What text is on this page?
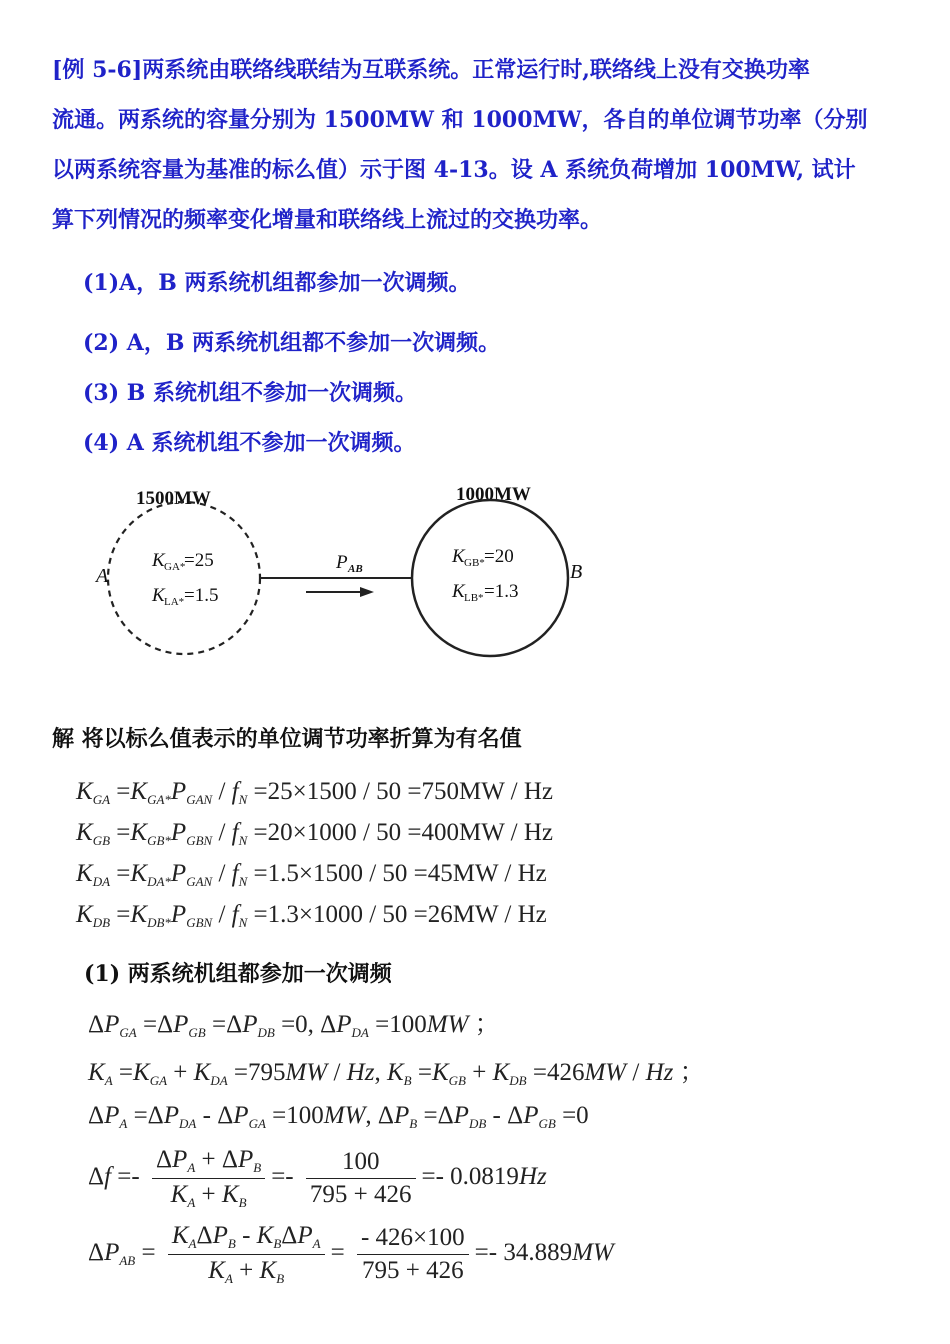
[例 5-6]两系统由联络线联结为互联系统。正常运行时,联络线上没有交换功率
流通。两系统的容量分别为 1500MW 和 1000MW，各自的单位调节功率（分别
以两系统容量为基准的标么值）示于图 4-13。设 A 系统负荷增加 100MW, 试计
算下列情况的频率变化增量和联络线上流过的交换功率。
(1)A，B 两系统机组都参加一次调频。
(2) A，B 两系统机组都不参加一次调频。
(3) B 系统机组不参加一次调频。
(4) A 系统机组不参加一次调频。
1500MW	1000MW
A	B
P AB
K GA*
=25
K LA* =1.5
K GB* =20
K LB* =1.3
解 将以标么值表示的单位调节功率折算为有名值
$K_{GA} =K_{GA*}P_{GAN} / f_N =25\times 1500 / 50 =750MW / Hz$
$K_{GB} =K_{GB*}P_{GBN} / f_N =20\times 1000 / 50 =400MW / Hz$
$K_{DA} =K_{DA*}P_{GAN} / f_N =1.5\times 1500 / 50 =45MW / Hz$
$K_{DB} =K_{DB*}P_{GBN} / f_N =1.3\times 1000 / 50 =26MW / Hz$
(1) 两系统机组都参加一次调频
$\Delta P_{GA} =\Delta P_{GB} =\Delta P_{DB} =0$, $\Delta P_{DA} =100MW$ ；
$K_A =K_{GA} + K_{DA} =795MW / Hz$, $K_B =K_{GB} + K_{DB} =426MW / Hz$ ；
$\Delta P_A =\Delta P_{DA} - \Delta P_{GA} =100MW$, $\Delta P_B =\Delta P_{DB} - \Delta P_{GB} =0$
$\Delta f =- \frac{\Delta P_A + \Delta P_B}{K_A + K_B} =- \frac{100}{795 + 426} =- 0.0819Hz$
$\Delta P_{AB} = \frac{K_A\Delta P_B - K_B\Delta P_A}{K_A + K_B} = \frac{- 426\times 100}{795 + 426} =- 34.889MW$
